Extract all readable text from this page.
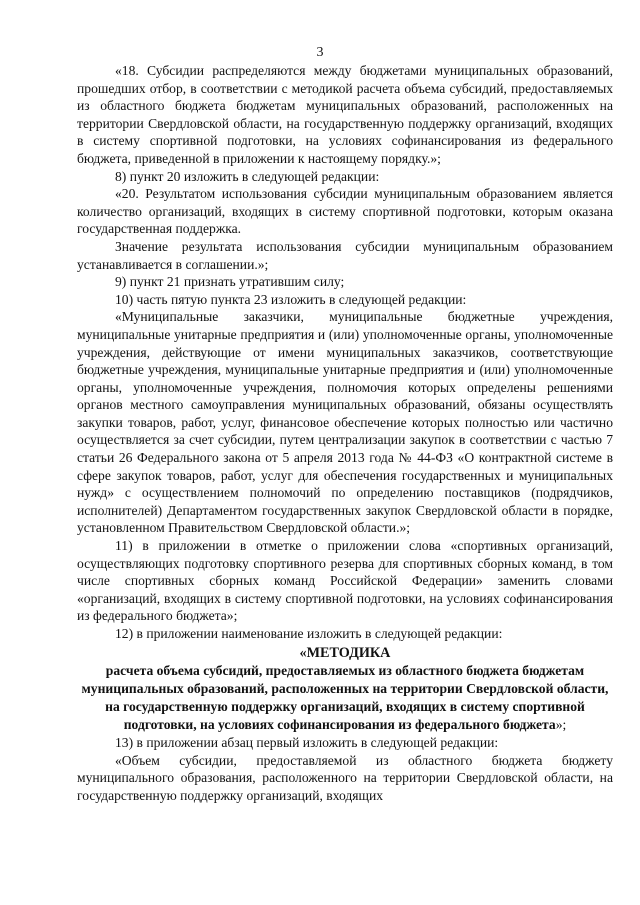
3

«18. Субсидии распределяются между бюджетами муниципальных образований, прошедших отбор, в соответствии с методикой расчета объема субсидий, предоставляемых из областного бюджета бюджетам муниципальных образований, расположенных на территории Свердловской области, на государственную поддержку организаций, входящих в систему спортивной подготовки, на условиях софинансирования из федерального бюджета, приведенной в приложении к настоящему порядку.»;

8) пункт 20 изложить в следующей редакции:

«20. Результатом использования субсидии муниципальным образованием является количество организаций, входящих в систему спортивной подготовки, которым оказана государственная поддержка.

Значение результата использования субсидии муниципальным образованием устанавливается в соглашении.»;

9) пункт 21 признать утратившим силу;

10) часть пятую пункта 23 изложить в следующей редакции:

«Муниципальные заказчики, муниципальные бюджетные учреждения, муниципальные унитарные предприятия и (или) уполномоченные органы, уполномоченные учреждения, действующие от имени муниципальных заказчиков, соответствующие бюджетные учреждения, муниципальные унитарные предприятия и (или) уполномоченные органы, уполномоченные учреждения, полномочия которых определены решениями органов местного самоуправления муниципальных образований, обязаны осуществлять закупки товаров, работ, услуг, финансовое обеспечение которых полностью или частично осуществляется за счет субсидии, путем централизации закупок в соответствии с частью 7 статьи 26 Федерального закона от 5 апреля 2013 года № 44-ФЗ «О контрактной системе в сфере закупок товаров, работ, услуг для обеспечения государственных и муниципальных нужд» с осуществлением полномочий по определению поставщиков (подрядчиков, исполнителей) Департаментом государственных закупок Свердловской области в порядке, установленном Правительством Свердловской области.»;

11) в приложении в отметке о приложении слова «спортивных организаций, осуществляющих подготовку спортивного резерва для спортивных сборных команд, в том числе спортивных сборных команд Российской Федерации» заменить словами «организаций, входящих в систему спортивной подготовки, на условиях софинансирования из федерального бюджета»;

12) в приложении наименование изложить в следующей редакции:

«МЕТОДИКА
расчета объема субсидий, предоставляемых из областного бюджета бюджетам муниципальных образований, расположенных на территории Свердловской области, на государственную поддержку организаций, входящих в систему спортивной подготовки, на условиях софинансирования из федерального бюджета»;

13) в приложении абзац первый изложить в следующей редакции:

«Объем субсидии, предоставляемой из областного бюджета бюджету муниципального образования, расположенного на территории Свердловской области, на государственную поддержку организаций, входящих
